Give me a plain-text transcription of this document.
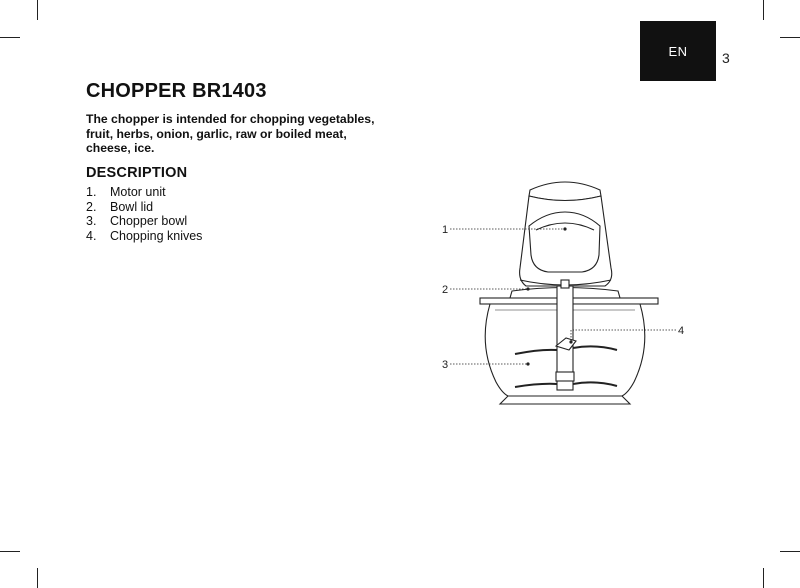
EN 3
CHOPPER BR1403

The chopper is intended for chopping vegetables, fruit, herbs, onion, garlic, raw or boiled meat, cheese, ice.

DESCRIPTION
1.	Motor unit
2.	Bowl lid
3.	Chopper bowl
4.	Chopping knives	1
2
3
4
